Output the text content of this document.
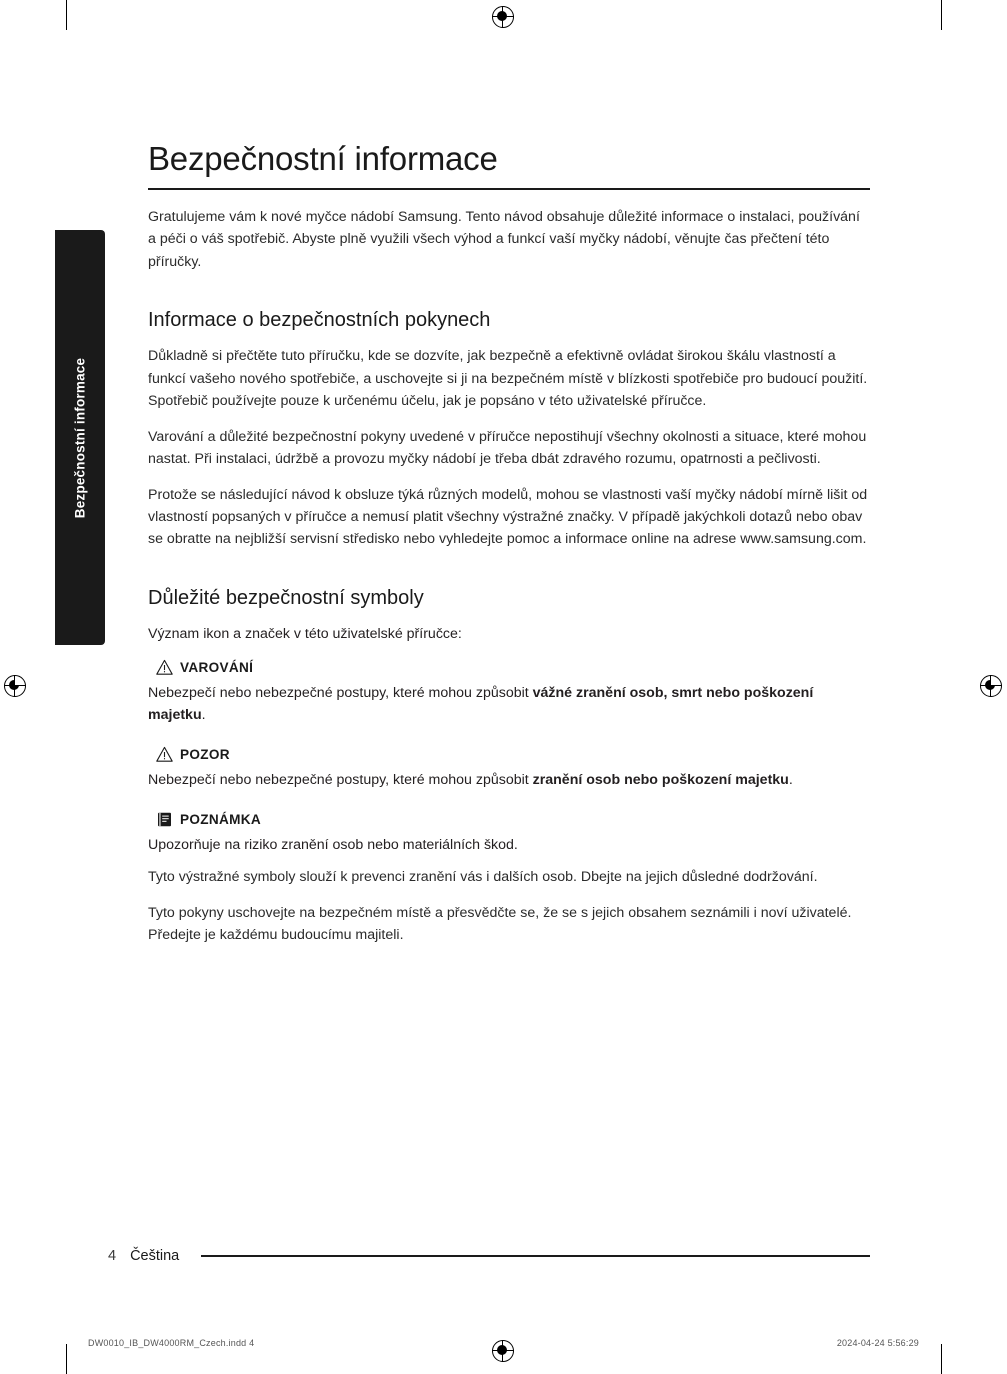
Bezpečnostní informace
Bezpečnostní informace

Gratulujeme vám k nové myčce nádobí Samsung. Tento návod obsahuje důležité informace o instalaci, používání a péči o váš spotřebič. Abyste plně využili všech výhod a funkcí vaší myčky nádobí, věnujte čas přečtení této příručky.

Informace o bezpečnostních pokynech

Důkladně si přečtěte tuto příručku, kde se dozvíte, jak bezpečně a efektivně ovládat širokou škálu vlastností a funkcí vašeho nového spotřebiče, a uschovejte si ji na bezpečném místě v blízkosti spotřebiče pro budoucí použití. Spotřebič používejte pouze k určenému účelu, jak je popsáno v této uživatelské příručce.

Varování a důležité bezpečnostní pokyny uvedené v příručce nepostihují všechny okolnosti a situace, které mohou nastat. Při instalaci, údržbě a provozu myčky nádobí je třeba dbát zdravého rozumu, opatrnosti a pečlivosti.

Protože se následující návod k obsluze týká různých modelů, mohou se vlastnosti vaší myčky nádobí mírně lišit od vlastností popsaných v příručce a nemusí platit všechny výstražné značky. V případě jakýchkoli dotazů nebo obav se obratte na nejbližší servisní středisko nebo vyhledejte pomoc a informace online na adrese www.samsung.com.

Důležité bezpečnostní symboly

Význam ikon a značek v této uživatelské příručce:

VAROVÁNÍ

Nebezpečí nebo nebezpečné postupy, které mohou způsobit vážné zranění osob, smrt nebo poškození majetku.

POZOR

Nebezpečí nebo nebezpečné postupy, které mohou způsobit zranění osob nebo poškození majetku.

POZNÁMKA

Upozorňuje na riziko zranění osob nebo materiálních škod.

Tyto výstražné symboly slouží k prevenci zranění vás i dalších osob. Dbejte na jejich důsledné dodržování.

Tyto pokyny uschovejte na bezpečném místě a přesvědčte se, že se s jejich obsahem seznámili i noví uživatelé. Předejte je každému budoucímu majiteli.

4 Čeština
DW0010_IB_DW4000RM_Czech.indd 4	2024-04-24 5:56:29
